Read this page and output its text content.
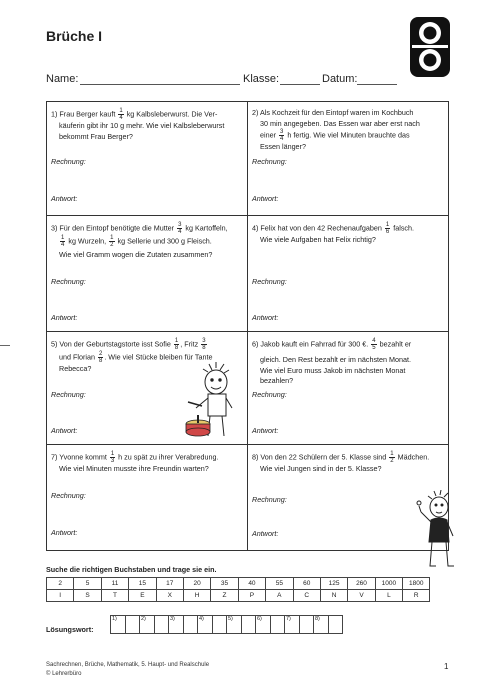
Brüche I
Name:	Klasse:	Datum:
1) Frau Berger kauft $\frac{1}{4}$ kg Kalbsleberwurst. Die Ver-
käuferin gibt ihr 10 g mehr. Wie viel Kalbsleberwurst
bekommt Frau Berger?
Rechnung:
Antwort:
2) Als Kochzeit für den Eintopf waren im Kochbuch
30 min angegeben. Das Essen war aber erst nach
einer $\frac{3}{4}$ h fertig. Wie viel Minuten brauchte das
Essen länger?
Rechnung:
Antwort:
3) Für den Eintopf benötigte die Mutter $\frac{3}{4}$ kg Kartoffeln,
$\frac{1}{4}$ kg Wurzeln, $\frac{1}{2}$ kg Sellerie und 300 g Fleisch.
Wie viel Gramm wogen die Zutaten zusammen?
Rechnung:
Antwort:
4) Felix hat von den 42 Rechenaufgaben $\frac{1}{6}$ falsch.
Wie viele Aufgaben hat Felix richtig?
Rechnung:
Antwort:
5) Von der Geburtstagstorte isst Sofie $\frac{1}{8}$ , Fritz $\frac{3}{8}$
und Florian $\frac{2}{8}$ . Wie viel Stücke bleiben für Tante
Rebecca?
Rechnung:
Antwort:
6) Jakob kauft ein Fahrrad für 300 €. $\frac{4}{5}$ bezahlt er
gleich. Den Rest bezahlt er im nächsten Monat.
Wie viel Euro muss Jakob im nächsten Monat
bezahlen?
Rechnung:
Antwort:
7) Yvonne kommt $\frac{1}{3}$ h zu spät zu ihrer Verabredung.
Wie viel Minuten musste ihre Freundin warten?
Rechnung:
Antwort:
8) Von den 22 Schülern der 5. Klasse sind $\frac{1}{2}$ Mädchen.
Wie viel Jungen sind in der 5. Klasse?
Rechnung:
Antwort:
Suche die richtigen Buchstaben und trage sie ein.
2	5	11	15	17	20	35	40	55	60	125	260	1000	1800
I	S	T	E	X	H	Z	P	A	C	N	V	L	R
Lösungswort:
1)	2)	3)	4)	5)	6)	7)	8)
Sachrechnen, Brüche, Mathematik, 5. Haupt- und Realschule
© Lehrerbüro
1
